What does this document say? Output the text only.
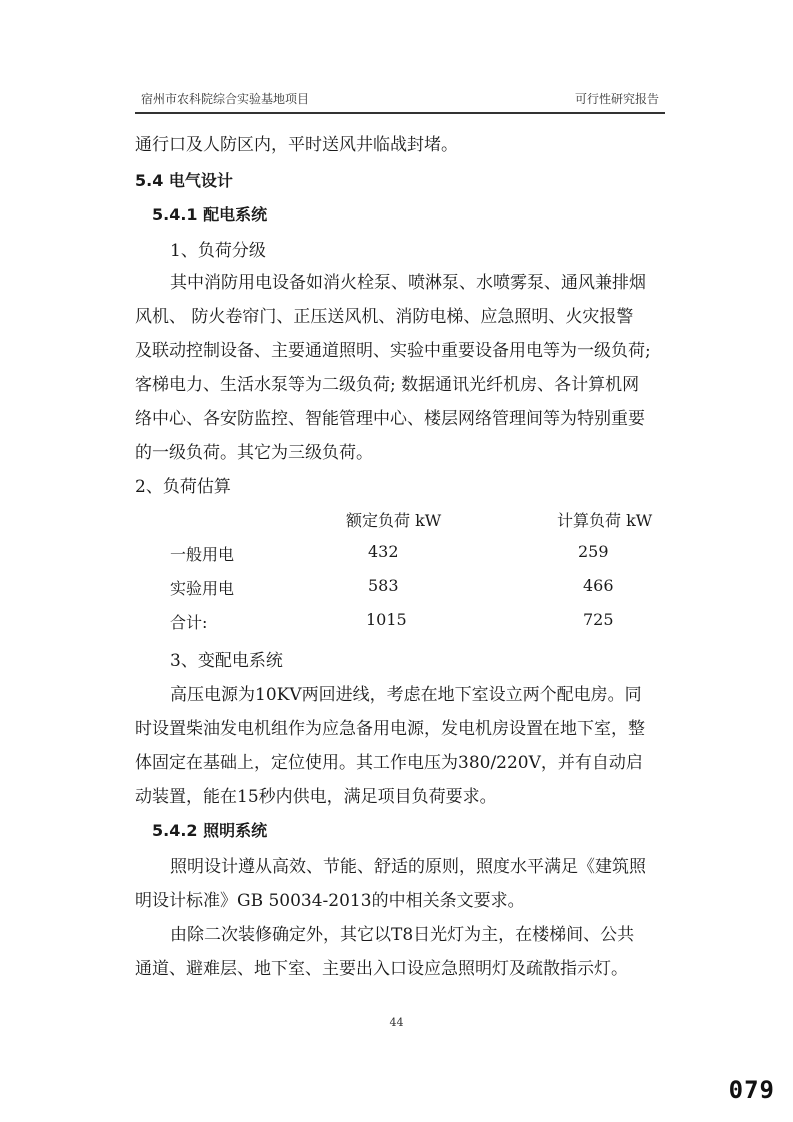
宿州市农科院综合实验基地项目	可行性研究报告
通行口及人防区内，平时送风井临战封堵。
5.4 电气设计
5.4.1 配电系统
1、负荷分级
其中消防用电设备如消火栓泵、喷淋泵、水喷雾泵、通风兼排烟
风机、 防火卷帘门、正压送风机、消防电梯、应急照明、火灾报警
及联动控制设备、主要通道照明、实验中重要设备用电等为一级负荷;
客梯电力、生活水泵等为二级负荷; 数据通讯光纤机房、各计算机网
络中心、各安防监控、智能管理中心、楼层网络管理间等为特别重要
的一级负荷。其它为三级负荷。
2、负荷估算
额定负荷 kW	计算负荷 kW
一般用电	432	259
实验用电	583	466
合计:	1015	725
3、变配电系统
高压电源为10KV两回进线，考虑在地下室设立两个配电房。同
时设置柴油发电机组作为应急备用电源，发电机房设置在地下室，整
体固定在基础上，定位使用。其工作电压为380/220V，并有自动启
动装置，能在15秒内供电，满足项目负荷要求。
5.4.2 照明系统
照明设计遵从高效、节能、舒适的原则，照度水平满足《建筑照
明设计标准》GB 50034-2013的中相关条文要求。
由除二次装修确定外，其它以T8日光灯为主，在楼梯间、公共
通道、避难层、地下室、主要出入口设应急照明灯及疏散指示灯。
44
079
